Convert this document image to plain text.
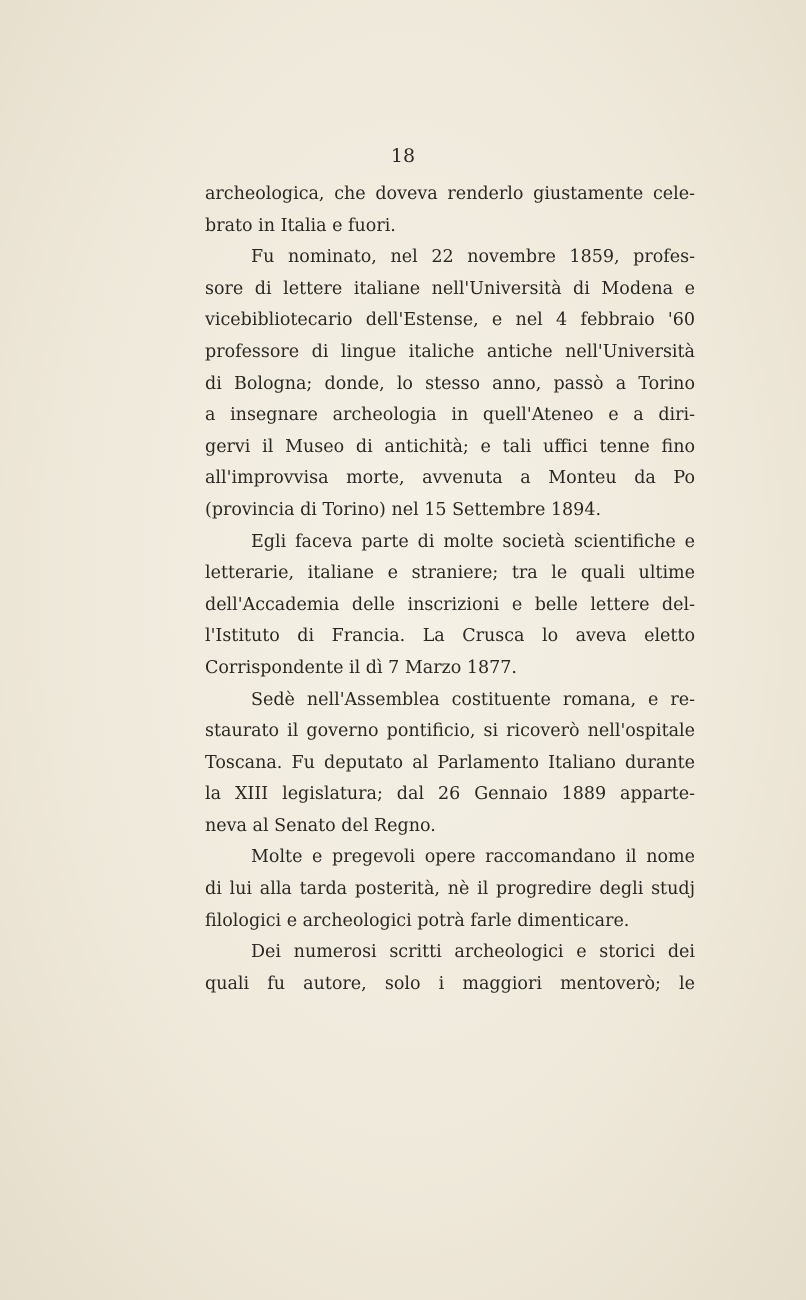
18

archeologica, che doveva renderlo giustamente cele-
brato in Italia e fuori.
Fu nominato, nel 22 novembre 1859, profes-
sore di lettere italiane nell'Università di Modena e
vicebibliotecario dell'Estense, e nel 4 febbraio '60
professore di lingue italiche antiche nell'Università
di Bologna; donde, lo stesso anno, passò a Torino
a insegnare archeologia in quell'Ateneo e a diri-
gervi il Museo di antichità; e tali uffici tenne fino
all'improvvisa morte, avvenuta a Monteu da Po
(provincia di Torino) nel 15 Settembre 1894.
Egli faceva parte di molte società scientifiche e
letterarie, italiane e straniere; tra le quali ultime
dell'Accademia delle inscrizioni e belle lettere del-
l'Istituto di Francia. La Crusca lo aveva eletto
Corrispondente il dì 7 Marzo 1877.
Sedè nell'Assemblea costituente romana, e re-
staurato il governo pontificio, si ricoverò nell'ospitale
Toscana. Fu deputato al Parlamento Italiano durante
la XIII legislatura; dal 26 Gennaio 1889 apparte-
neva al Senato del Regno.
Molte e pregevoli opere raccomandano il nome
di lui alla tarda posterità, nè il progredire degli studj
filologici e archeologici potrà farle dimenticare.
Dei numerosi scritti archeologici e storici dei
quali fu autore, solo i maggiori mentoverò; le
